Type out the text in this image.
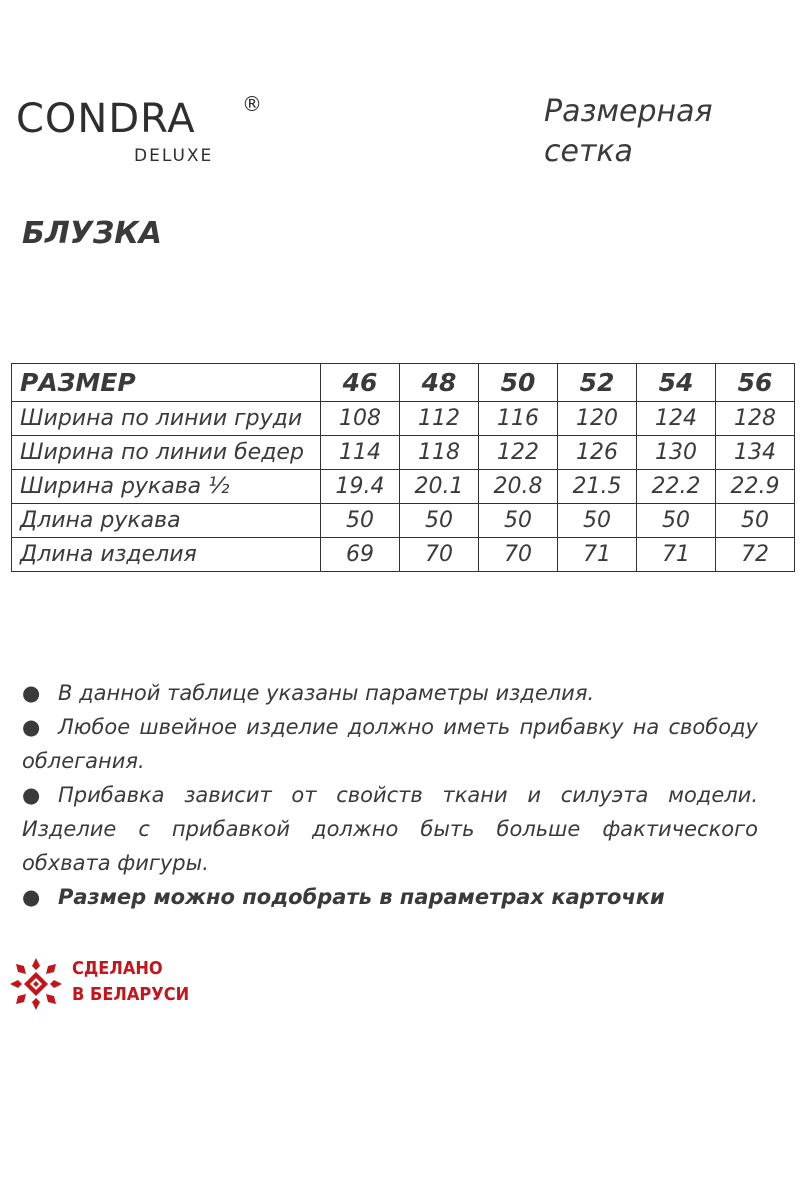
CONDRA ®
DELUXE
Размерная
сетка
БЛУЗКА
РАЗМЕР	46	48	50	52	54	56
Ширина по линии груди	108	112	116	120	124	128
Ширина по линии бедер	114	118	122	126	130	134
Ширина рукава ½	19.4	20.1	20.8	21.5	22.2	22.9
Длина рукава	50	50	50	50	50	50
Длина изделия	69	70	70	71	71	72

● В данной таблице указаны параметры изделия.

● Любое швейное изделие должно иметь прибавку на свободу облегания.

● Прибавка зависит от свойств ткани и силуэта модели. Изделие с прибавкой должно быть больше фактического обхвата фигуры.

● Размер можно подобрать в параметрах карточки

СДЕЛАНО
В БЕЛАРУСИ
